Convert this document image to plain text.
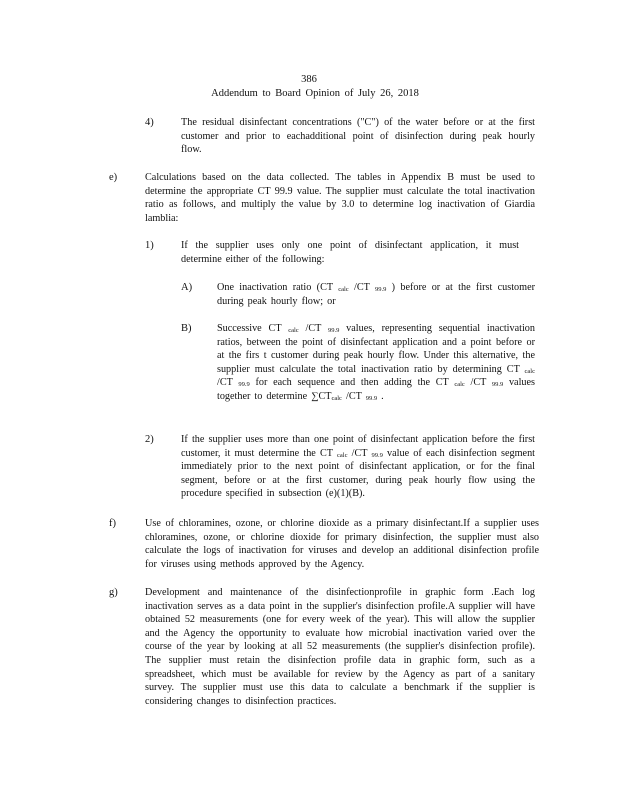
386
Addendum to Board Opinion of July 26, 2018
4)	The residual disinfectant concentrations ("C") of the water before or at the first customer and prior to eachadditional point of disinfection during peak hourly flow.

e)	Calculations based on the data collected. The tables in Appendix B must be used to determine the appropriate CT 99.9 value. The supplier must calculate the total inactivation ratio as follows, and multiply the value by 3.0 to determine log inactivation of Giardia lamblia:

1)	If the supplier uses only one point of disinfectant application, it must determine either of the following:

A) One inactivation ratio (CT $_{calc}$ /CT $_{99.9}$ ) before or at the first customer during peak hourly flow; or

B)	Successive CT $_{calc}$ /CT $_{99.9}$ values, representing sequential inactivation ratios, between the point of disinfectant application and a point before or at the firs t customer during peak hourly flow. Under this alternative, the supplier must calculate the total inactivation ratio by determining CT $_{calc}$ /CT $_{99.9}$ for each sequence and then adding the CT $_{calc}$ /CT $_{99.9}$ values together to determine $\sum CT_{calc}$ /CT $_{99.9}$ .

2)	If the supplier uses more than one point of disinfectant application before the first customer, it must determine the CT $_{calc}$ /CT $_{99.9}$ value of each disinfection segment immediately prior to the next point of disinfectant application, or for the final segment, before or at the first customer, during peak hourly flow using the procedure specified in subsection (e)(1)(B).

f)	Use of chloramines, ozone, or chlorine dioxide as a primary disinfectant.If a supplier uses chloramines, ozone, or chlorine dioxide for primary disinfection, the supplier must also calculate the logs of inactivation for viruses and develop an additional disinfection profile for viruses using methods approved by the Agency.

g)	Development and maintenance of the disinfectionprofile in graphic form .Each log inactivation serves as a data point in the supplier's disinfection profile.A supplier will have obtained 52 measurements (one for every week of the year). This will allow the supplier and the Agency the opportunity to evaluate how microbial inactivation varied over the course of the year by looking at all 52 measurements (the supplier's disinfection profile). The supplier must retain the disinfection profile data in graphic form, such as a spreadsheet, which must be available for review by the Agency as part of a sanitary survey. The supplier must use this data to calculate a benchmark if the supplier is considering changes to disinfection practices.
